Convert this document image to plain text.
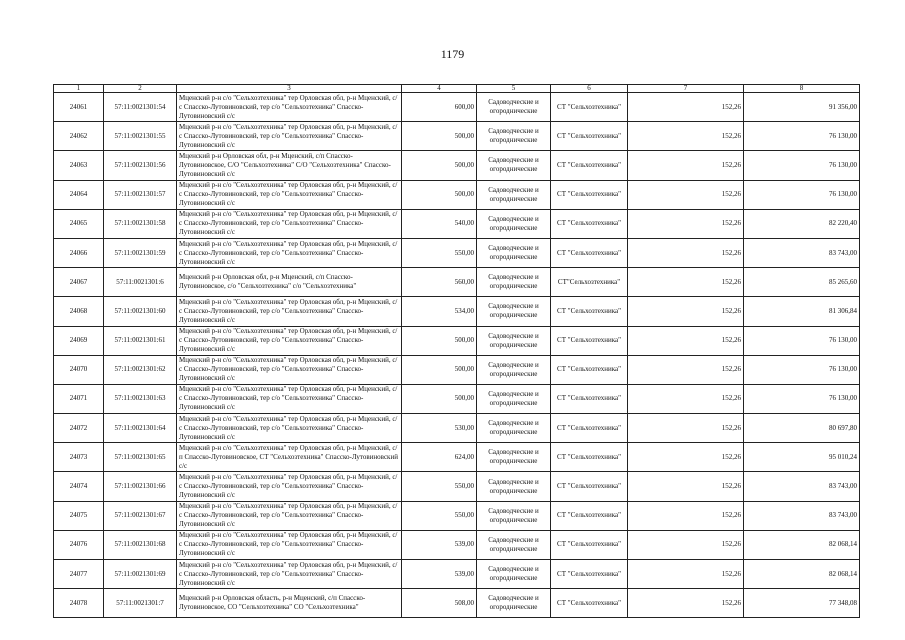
1179
1	2	3	4	5	6	7	8
24061	57:11:0021301:54	Мценский р-н с/о "Сельхозтехника" тер Орловская обл, р-н Мценский, с/с Спасско-Лутовиновский, тер с/о "Сельхозтехника" Спасско-Лутовиновский с/с	600,00	Садоводческие и огороднические	СТ "Сельхозтехника"	152,26	91 356,00
24062	57:11:0021301:55	Мценский р-н с/о "Сельхозтехника" тер Орловская обл, р-н Мценский, с/с Спасско-Лутовиновский, тер с/о "Сельхозтехника" Спасско-Лутовиновский с/с	500,00	Садоводческие и огороднические	СТ "Сельхозтехника"	152,26	76 130,00
24063	57:11:0021301:56	Мценский р-н Орловская обл, р-н Мценский, с/п Спасско-Лутовиновское, С/О "Сельхозтехника" С/О "Сельхозтехника" Спасско-Лутовиновский с/с	500,00	Садоводческие и огороднические	СТ "Сельхозтехника"	152,26	76 130,00
24064	57:11:0021301:57	Мценский р-н с/о "Сельхозтехника" тер Орловская обл, р-н Мценский, с/с Спасско-Лутовиновский, тер с/о "Сельхозтехника" Спасско-Лутовиновский с/с	500,00	Садоводческие и огороднические	СТ "Сельхозтехника"	152,26	76 130,00
24065	57:11:0021301:58	Мценский р-н с/о "Сельхозтехника" тер Орловская обл, р-н Мценский, с/с Спасско-Лутовиновский, тер с/о "Сельхозтехника" Спасско-Лутовиновский с/с	540,00	Садоводческие и огороднические	СТ "Сельхозтехника"	152,26	82 220,40
24066	57:11:0021301:59	Мценский р-н с/о "Сельхозтехника" тер Орловская обл, р-н Мценский, с/с Спасско-Лутовиновский, тер с/о "Сельхозтехника" Спасско-Лутовиновский с/с	550,00	Садоводческие и огороднические	СТ "Сельхозтехника"	152,26	83 743,00
24067	57:11:0021301:6	Мценский р-н Орловская обл, р-н Мценский, с/п Спасско-Лутовиновское, с/о "Сельхозтехника" с/о "Сельхозтехника"	560,00	Садоводческие и огороднические	СТ"Сельхозтехника"	152,26	85 265,60
24068	57:11:0021301:60	Мценский р-н с/о "Сельхозтехника" тер Орловская обл, р-н Мценский, с/с Спасско-Лутовиновский, тер с/о "Сельхозтехника" Спасско-Лутовиновский с/с	534,00	Садоводческие и огороднические	СТ "Сельхозтехника"	152,26	81 306,84
24069	57:11:0021301:61	Мценский р-н с/о "Сельхозтехника" тер Орловская обл, р-н Мценский, с/с Спасско-Лутовиновский, тер с/о "Сельхозтехника" Спасско-Лутовиновский с/с	500,00	Садоводческие и огороднические	СТ "Сельхозтехника"	152,26	76 130,00
24070	57:11:0021301:62	Мценский р-н с/о "Сельхозтехника" тер Орловская обл, р-н Мценский, с/с Спасско-Лутовиновский, тер с/о "Сельхозтехника" Спасско-Лутовиновский с/с	500,00	Садоводческие и огороднические	СТ "Сельхозтехника"	152,26	76 130,00
24071	57:11:0021301:63	Мценский р-н с/о "Сельхозтехника" тер Орловская обл, р-н Мценский, с/с Спасско-Лутовиновский, тер с/о "Сельхозтехника" Спасско-Лутовиновский с/с	500,00	Садоводческие и огороднические	СТ "Сельхозтехника"	152,26	76 130,00
24072	57:11:0021301:64	Мценский р-н с/о "Сельхозтехника" тер Орловская обл, р-н Мценский, с/с Спасско-Лутовиновский, тер с/о "Сельхозтехника" Спасско-Лутовиновский с/с	530,00	Садоводческие и огороднические	СТ "Сельхозтехника"	152,26	80 697,80
24073	57:11:0021301:65	Мценский р-н с/о "Сельхозтехника" тер Орловская обл, р-н Мценский, с/п Спасско-Лутовиновское, СТ "Сельхозтехника" Спасско-Лутовиновский с/с	624,00	Садоводческие и огороднические	СТ "Сельхозтехника"	152,26	95 010,24
24074	57:11:0021301:66	Мценский р-н с/о "Сельхозтехника" тер Орловская обл, р-н Мценский, с/с Спасско-Лутовиновский, тер с/о "Сельхозтехника" Спасско-Лутовиновский с/с	550,00	Садоводческие и огороднические	СТ "Сельхозтехника"	152,26	83 743,00
24075	57:11:0021301:67	Мценский р-н с/о "Сельхозтехника" тер Орловская обл, р-н Мценский, с/с Спасско-Лутовиновский, тер с/о "Сельхозтехника" Спасско-Лутовиновский с/с	550,00	Садоводческие и огороднические	СТ "Сельхозтехника"	152,26	83 743,00
24076	57:11:0021301:68	Мценский р-н с/о "Сельхозтехника" тер Орловская обл, р-н Мценский, с/с Спасско-Лутовиновский, тер с/о "Сельхозтехника" Спасско-Лутовиновский с/с	539,00	Садоводческие и огороднические	СТ "Сельхозтехника"	152,26	82 068,14
24077	57:11:0021301:69	Мценский р-н с/о "Сельхозтехника" тер Орловская обл, р-н Мценский, с/с Спасско-Лутовиновский, тер с/о "Сельхозтехника" Спасско-Лутовиновский с/с	539,00	Садоводческие и огороднические	СТ "Сельхозтехника"	152,26	82 068,14
24078	57:11:0021301:7	Мценский р-н Орловская область, р-н Мценский, с/п Спасско-Лутовиновское, СО "Сельхозтехника" СО "Сельхозтехника"	508,00	Садоводческие и огороднические	СТ "Сельхозтехника"	152,26	77 348,08
